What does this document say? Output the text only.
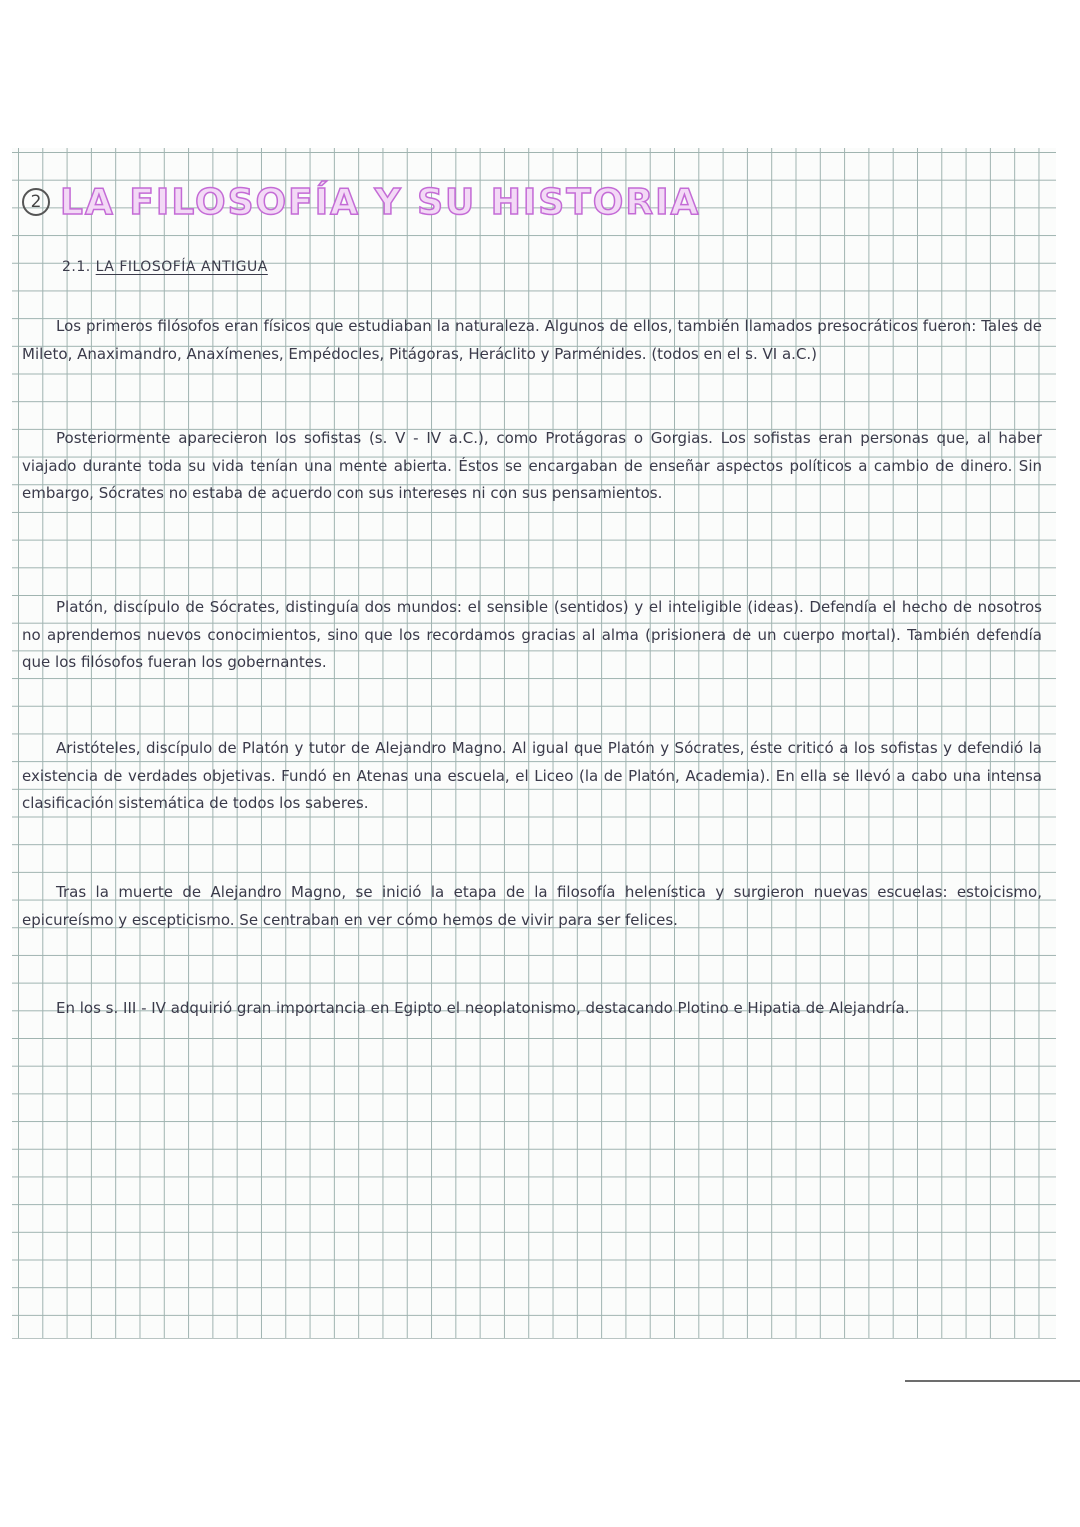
2 LA FILOSOFÍA Y SU HISTORIA
2.1. LA FILOSOFÍA ANTIGUA
Los primeros filósofos eran físicos que estudiaban la naturaleza. Algunos de ellos, también llamados presocráticos fueron: Tales de Mileto, Anaximandro, Anaxímenes, Empédocles, Pitágoras, Heráclito y Parménides. (todos en el s. VI a.C.)
Posteriormente aparecieron los sofistas (s. V - IV a.C.), como Protágoras o Gorgias. Los sofistas eran personas que, al haber viajado durante toda su vida tenían una mente abierta. Éstos se encargaban de enseñar aspectos políticos a cambio de dinero. Sin embargo, Sócrates no estaba de acuerdo con sus intereses ni con sus pensamientos.
Platón, discípulo de Sócrates, distinguía dos mundos: el sensible (sentidos) y el inteligible (ideas). Defendía el hecho de nosotros no aprendemos nuevos conocimientos, sino que los recordamos gracias al alma (prisionera de un cuerpo mortal). También defendía que los filósofos fueran los gobernantes.
Aristóteles, discípulo de Platón y tutor de Alejandro Magno. Al igual que Platón y Sócrates, éste criticó a los sofistas y defendió la existencia de verdades objetivas. Fundó en Atenas una escuela, el Liceo (la de Platón, Academia). En ella se llevó a cabo una intensa clasificación sistemática de todos los saberes.
Tras la muerte de Alejandro Magno, se inició la etapa de la filosofía helenística y surgieron nuevas escuelas: estoicismo, epicureísmo y escepticismo. Se centraban en ver cómo hemos de vivir para ser felices.
En los s. III - IV adquirió gran importancia en Egipto el neoplatonismo, destacando Plotino e Hipatia de Alejandría.
